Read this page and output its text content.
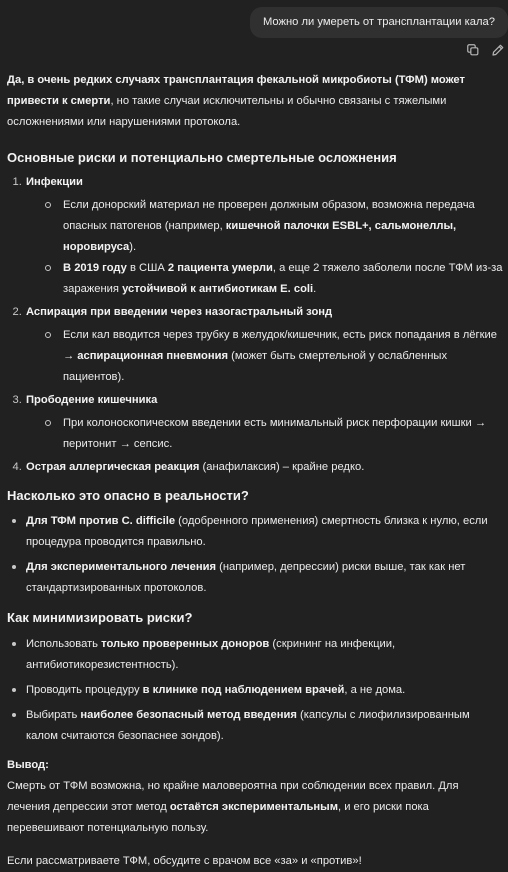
Можно ли умереть от трансплантации кала?

Да, в очень редких случаях трансплантация фекальной микробиоты (ТФМ) может привести к смерти, но такие случаи исключительны и обычно связаны с тяжелыми осложнениями или нарушениями протокола.

Основные риски и потенциально смертельные осложнения
1. Инфекции
Если донорский материал не проверен должным образом, возможна передача опасных патогенов (например, кишечной палочки ESBL+, сальмонеллы, норовируса).
В 2019 году в США 2 пациента умерли, а еще 2 тяжело заболели после ТФМ из-за заражения устойчивой к антибиотикам E. coli.
2. Аспирация при введении через назогастральный зонд
Если кал вводится через трубку в желудок/кишечник, есть риск попадания в лёгкие → аспирационная пневмония (может быть смертельной у ослабленных пациентов).
3. Прободение кишечника
При колоноскопическом введении есть минимальный риск перфорации кишки → перитонит → сепсис.
4. Острая аллергическая реакция (анафилаксия) – крайне редко.
Насколько это опасно в реальности?
Для ТФМ против C. difficile (одобренного применения) смертность близка к нулю, если процедура проводится правильно.
Для экспериментального лечения (например, депрессии) риски выше, так как нет стандартизированных протоколов.
Как минимизировать риски?
Использовать только проверенных доноров (скрининг на инфекции, антибиотикорезистентность).
Проводить процедуру в клинике под наблюдением врачей, а не дома.
Выбирать наиболее безопасный метод введения (капсулы с лиофилизированным калом считаются безопаснее зондов).

Вывод:

Смерть от ТФМ возможна, но крайне маловероятна при соблюдении всех правил. Для лечения депрессии этот метод остаётся экспериментальным, и его риски пока перевешивают потенциальную пользу.

Если рассматриваете ТФМ, обсудите с врачом все «за» и «против»!
